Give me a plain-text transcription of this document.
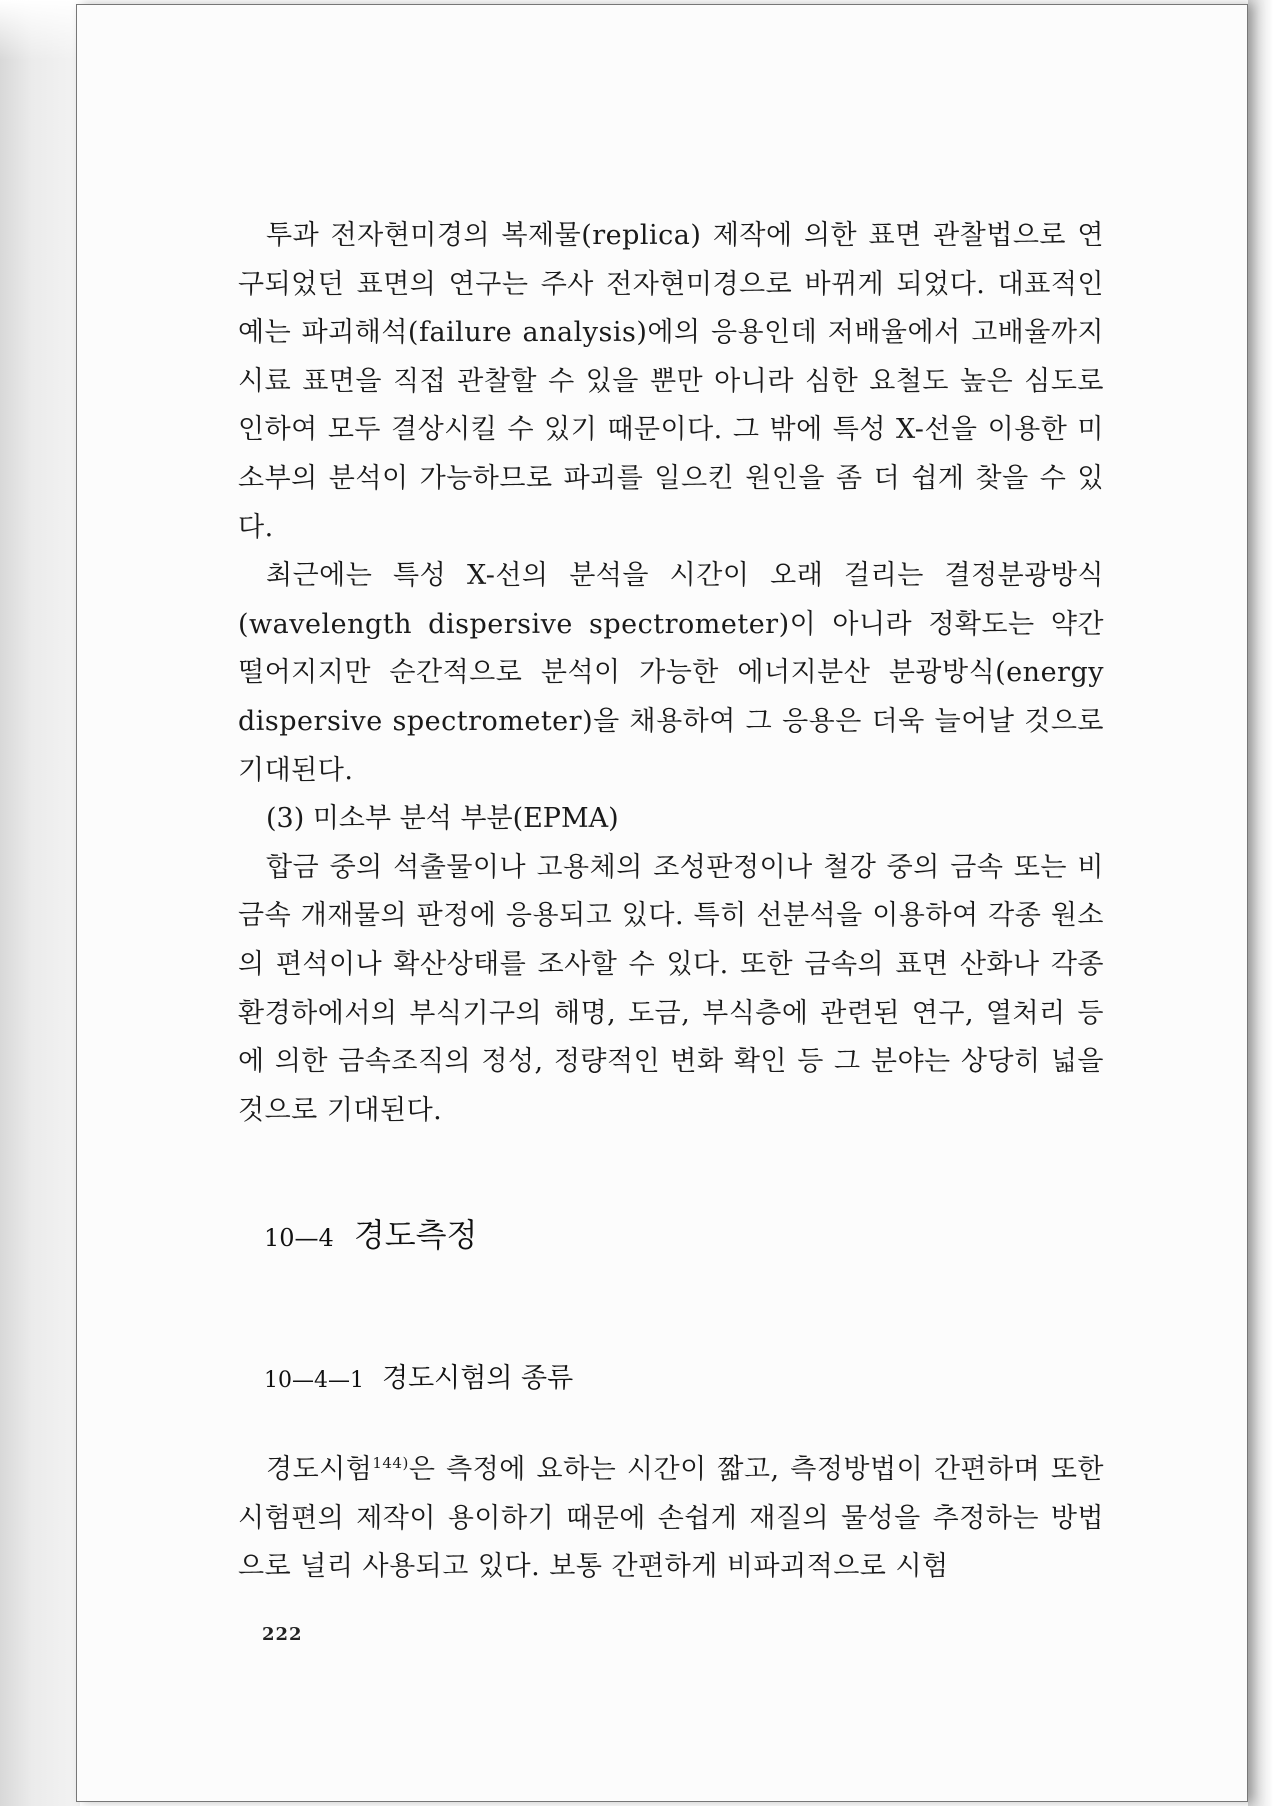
투과 전자현미경의 복제물(replica) 제작에 의한 표면 관찰법으로 연구되었던 표면의 연구는 주사 전자현미경으로 바뀌게 되었다. 대표적인 예는 파괴해석(failure analysis)에의 응용인데 저배율에서 고배율까지 시료 표면을 직접 관찰할 수 있을 뿐만 아니라 심한 요철도 높은 심도로 인하여 모두 결상시킬 수 있기 때문이다. 그 밖에 특성 X-선을 이용한 미소부의 분석이 가능하므로 파괴를 일으킨 원인을 좀 더 쉽게 찾을 수 있다.

최근에는 특성 X-선의 분석을 시간이 오래 걸리는 결정분광방식(wavelength dispersive spectrometer)이 아니라 정확도는 약간 떨어지지만 순간적으로 분석이 가능한 에너지분산 분광방식(energy dispersive spectrometer)을 채용하여 그 응용은 더욱 늘어날 것으로 기대된다.

(3) 미소부 분석 부분(EPMA)

합금 중의 석출물이나 고용체의 조성판정이나 철강 중의 금속 또는 비금속 개재물의 판정에 응용되고 있다. 특히 선분석을 이용하여 각종 원소의 편석이나 확산상태를 조사할 수 있다. 또한 금속의 표면 산화나 각종 환경하에서의 부식기구의 해명, 도금, 부식층에 관련된 연구, 열처리 등에 의한 금속조직의 정성, 정량적인 변화 확인 등 그 분야는 상당히 넓을 것으로 기대된다.

10—4 경도측정
10—4—1 경도시험의 종류

경도시험$^{144)}$은 측정에 요하는 시간이 짧고, 측정방법이 간편하며 또한 시험편의 제작이 용이하기 때문에 손쉽게 재질의 물성을 추정하는 방법으로 널리 사용되고 있다. 보통 간편하게 비파괴적으로 시험

222
